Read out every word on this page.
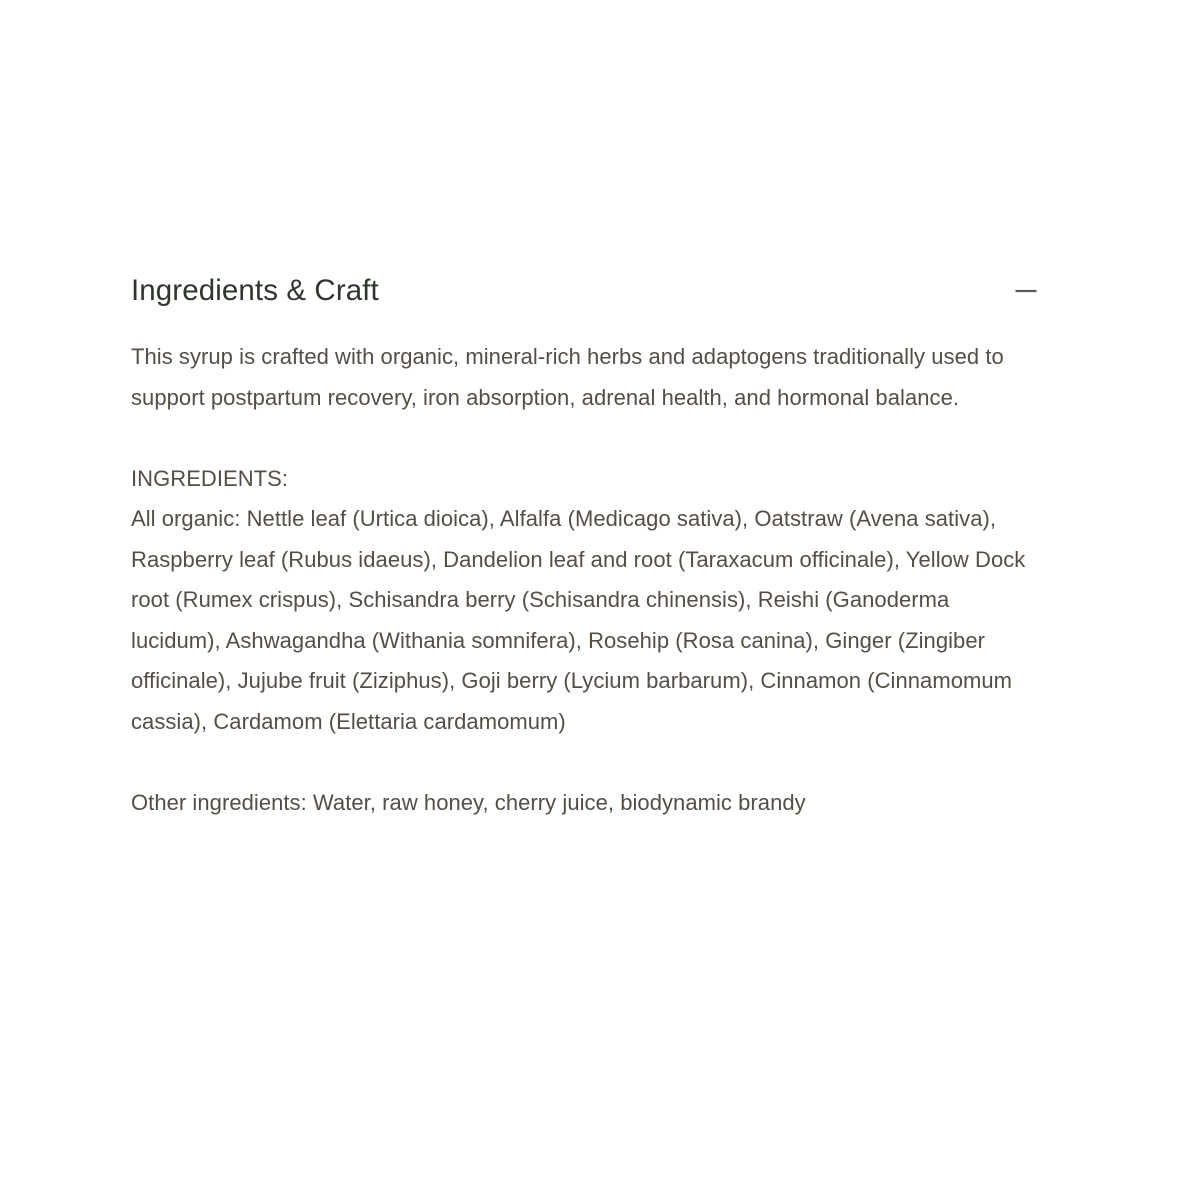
Ingredients & Craft

This syrup is crafted with organic, mineral-rich herbs and adaptogens traditionally used to support postpartum recovery, iron absorption, adrenal health, and hormonal balance.

INGREDIENTS:
All organic: Nettle leaf (Urtica dioica), Alfalfa (Medicago sativa), Oatstraw (Avena sativa), Raspberry leaf (Rubus idaeus), Dandelion leaf and root (Taraxacum officinale), Yellow Dock root (Rumex crispus), Schisandra berry (Schisandra chinensis), Reishi (Ganoderma lucidum), Ashwagandha (Withania somnifera), Rosehip (Rosa canina), Ginger (Zingiber officinale), Jujube fruit (Ziziphus), Goji berry (Lycium barbarum), Cinnamon (Cinnamomum cassia), Cardamom (Elettaria cardamomum)

Other ingredients: Water, raw honey, cherry juice, biodynamic brandy
